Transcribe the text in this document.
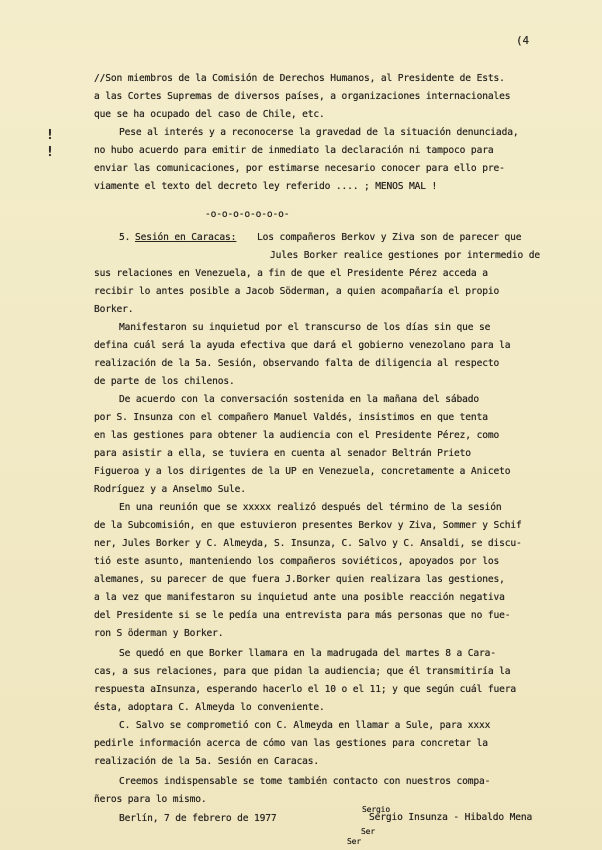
(4
!
!
//Son miembros de la Comisión de Derechos Humanos, al Presidente de Ests.
a las Cortes Supremas de diversos países, a organizaciones internacionales
que se ha ocupado del caso de Chile, etc.
Pese al interés y a reconocerse la gravedad de la situación denunciada,
no hubo acuerdo para emitir de inmediato la declaración ni tampoco para
enviar las comunicaciones, por estimarse necesario conocer para ello pre-
viamente el texto del decreto ley referido .... ; MENOS MAL !
-o-o-o-o-o-o-o-
5. Sesión en Caracas: Los compañeros Berkov y Ziva son de parecer que
Jules Borker realice gestiones por intermedio de
sus relaciones en Venezuela, a fin de que el Presidente Pérez acceda a
recibir lo antes posible a Jacob Söderman, a quien acompañaría el propio
Borker.
Manifestaron su inquietud por el transcurso de los días sin que se
defina cuál será la ayuda efectiva que dará el gobierno venezolano para la
realización de la 5a. Sesión, observando falta de diligencia al respecto
de parte de los chilenos.
De acuerdo con la conversación sostenida en la mañana del sábado
por S. Insunza con el compañero Manuel Valdés, insistimos en que tenta
en las gestiones para obtener la audiencia con el Presidente Pérez, como
para asistir a ella, se tuviera en cuenta al senador Beltrán Prieto
Figueroa y a los dirigentes de la UP en Venezuela, concretamente a Aniceto
Rodríguez y a Anselmo Sule.
En una reunión que se xxxxx realizó después del término de la sesión
de la Subcomisión, en que estuvieron presentes Berkov y Ziva, Sommer y Schif
ner, Jules Borker y C. Almeyda, S. Insunza, C. Salvo y C. Ansaldi, se discu-
tió este asunto, manteniendo los compañeros soviéticos, apoyados por los
alemanes, su parecer de que fuera J.Borker quien realizara las gestiones,
a la vez que manifestaron su inquietud ante una posible reacción negativa
del Presidente si se le pedía una entrevista para más personas que no fue-
ron S öderman y Borker.
Se quedó en que Borker llamara en la madrugada del martes 8 a Cara-
cas, a sus relaciones, para que pidan la audiencia; que él transmitiría la
respuesta aInsunza, esperando hacerlo el 10 o el 11; y que según cuál fuera
ésta, adoptara C. Almeyda lo conveniente.
C. Salvo se comprometió con C. Almeyda en llamar a Sule, para xxxx
pedirle información acerca de cómo van las gestiones para concretar la
realización de la 5a. Sesión en Caracas.
Creemos indispensable se tome también contacto con nuestros compa-
ñeros para lo mismo.
Berlín, 7 de febrero de 1977
Sergio
Sergio Insunza - Hibaldo Mena
Ser
Ser
